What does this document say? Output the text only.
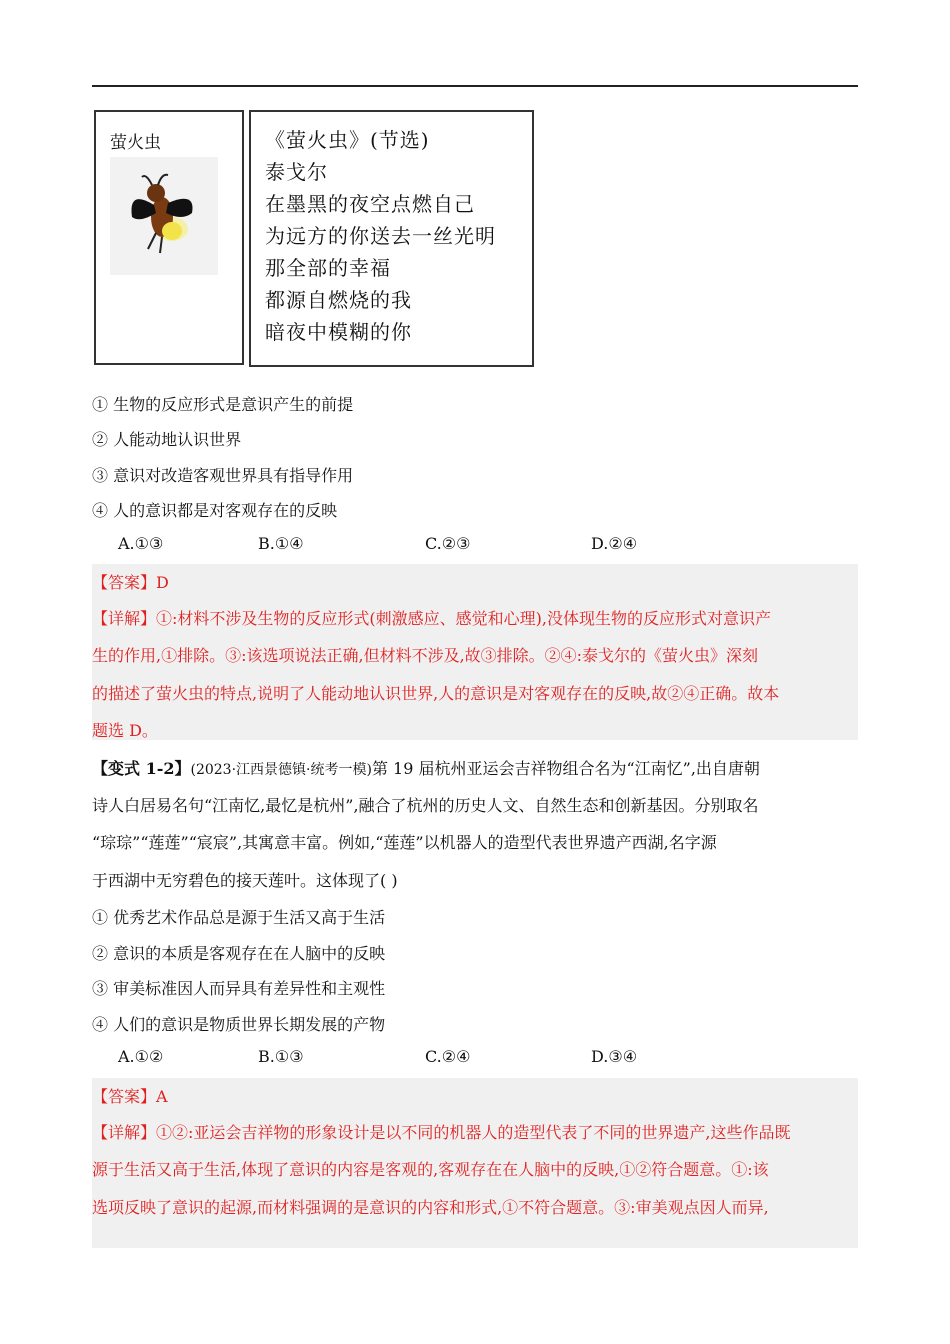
萤火虫	《萤火虫》(节选)
泰戈尔
在墨黑的夜空点燃自己
为远方的你送去一丝光明
那全部的幸福
都源自燃烧的我
暗夜中模糊的你
① 生物的反应形式是意识产生的前提
② 人能动地认识世界
③ 意识对改造客观世界具有指导作用
④ 人的意识都是对客观存在的反映
A.①③	B.①④	C.②③	D.②④
【答案】D
【详解】①:材料不涉及生物的反应形式(刺激感应、感觉和心理),没体现生物的反应形式对意识产
生的作用,①排除。③:该选项说法正确,但材料不涉及,故③排除。②④:泰戈尔的《萤火虫》深刻
的描述了萤火虫的特点,说明了人能动地认识世界,人的意识是对客观存在的反映,故②④正确。故本
题选 D。
【变式 1-2】(2023·江西景德镇·统考一模)第 19 届杭州亚运会吉祥物组合名为“江南忆”,出自唐朝
诗人白居易名句“江南忆,最忆是杭州”,融合了杭州的历史人文、自然生态和创新基因。分别取名
“琮琮”“莲莲”“宸宸”,其寓意丰富。例如,“莲莲”以机器人的造型代表世界遗产西湖,名字源
于西湖中无穷碧色的接天莲叶。这体现了( )
① 优秀艺术作品总是源于生活又高于生活
② 意识的本质是客观存在在人脑中的反映
③ 审美标准因人而异具有差异性和主观性
④ 人们的意识是物质世界长期发展的产物
A.①②	B.①③	C.②④	D.③④
【答案】A
【详解】①②:亚运会吉祥物的形象设计是以不同的机器人的造型代表了不同的世界遗产,这些作品既
源于生活又高于生活,体现了意识的内容是客观的,客观存在在人脑中的反映,①②符合题意。①:该
选项反映了意识的起源,而材料强调的是意识的内容和形式,①不符合题意。③:审美观点因人而异,
